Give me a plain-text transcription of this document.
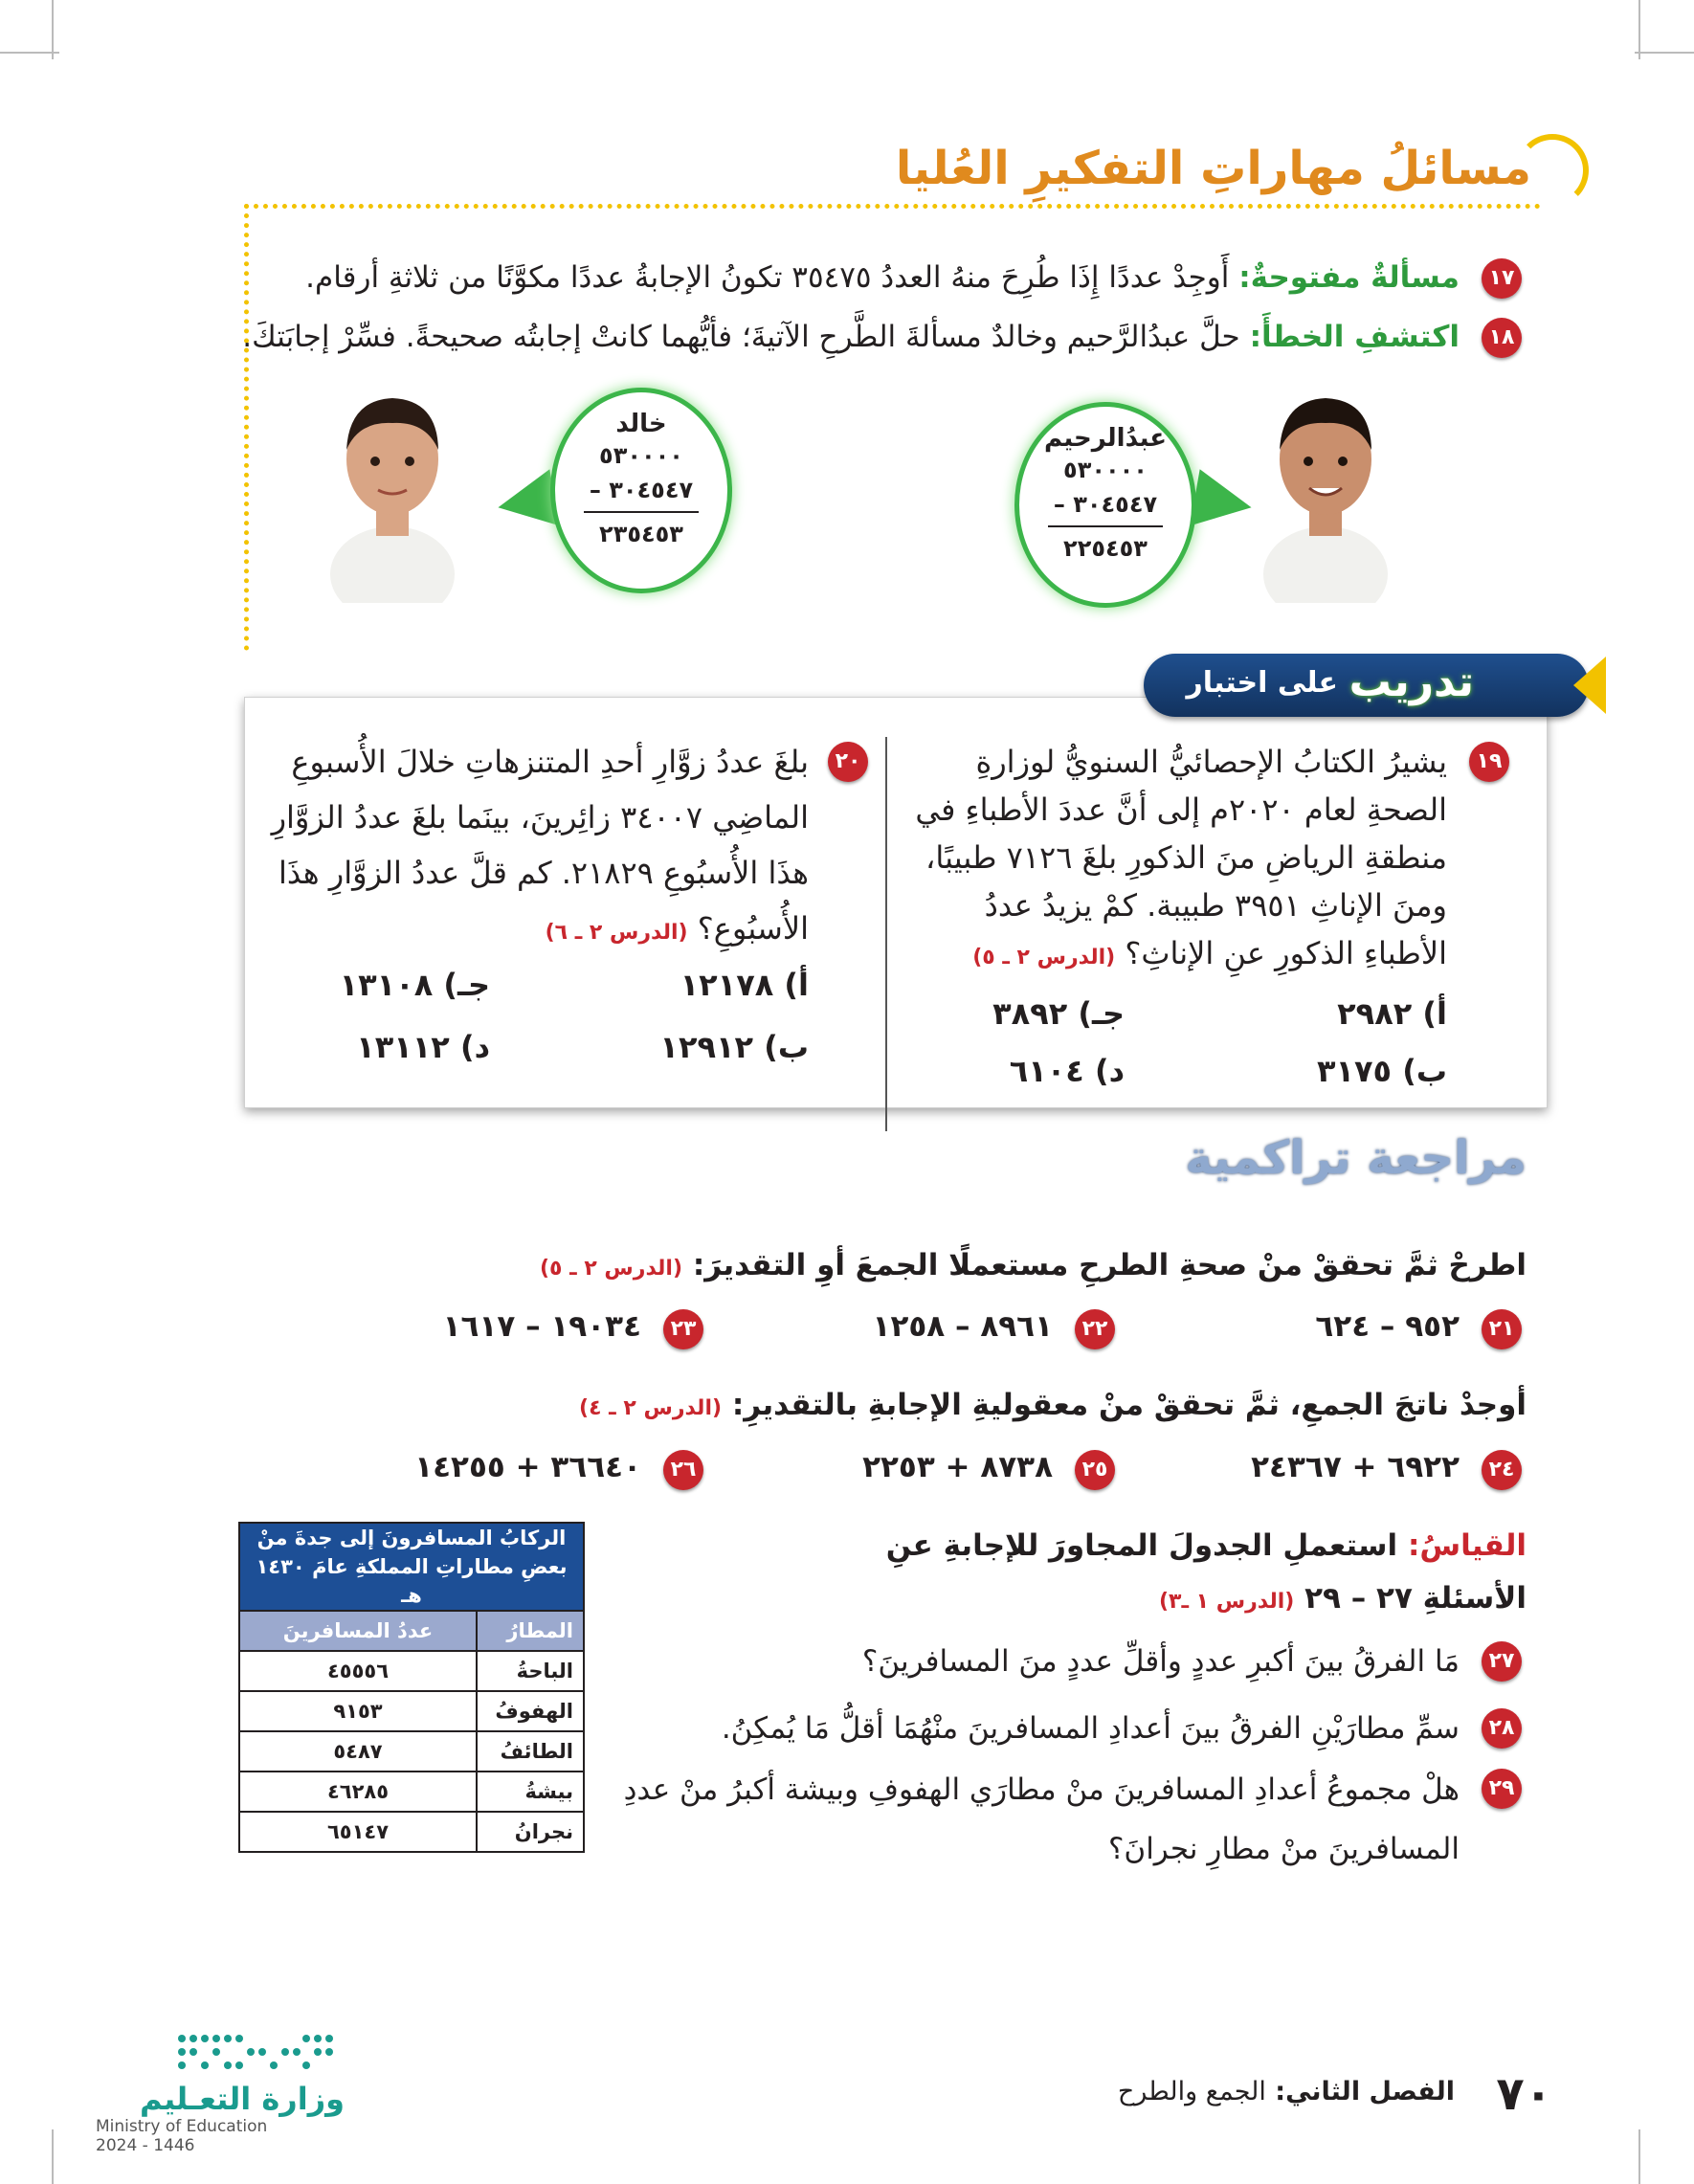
مسائلُ مهاراتِ التفكيرِ العُليا
١٧
مسألةٌ مفتوحةٌ: أَوجِدْ عددًا إِذَا طُرِحَ منهُ العددُ ٣٥٤٧٥ تكونُ الإجابةُ عددًا مكوَّنًا من ثلاثةِ أرقام.
١٨
اكتشفِ الخطأَ: حلَّ عبدُالرَّحيم وخالدٌ مسألةَ الطَّرحِ الآتيةَ؛ فأيُّهما كانتْ إجابتُه صحيحةً. فسِّرْ إجابَتكَ.
خالد
٥٣٠٠٠٠
٣٠٤٥٤٧ –
٢٣٥٤٥٣
عبدُالرحيم
٥٣٠٠٠٠
٣٠٤٥٤٧ –
٢٢٥٤٥٣
تدريب
على اختبار
١٩
يشيرُ الكتابُ الإحصائيُّ السنويُّ لوزارةِ
الصحةِ لعام ٢٠٢٠م إلى أنَّ عددَ الأطباءِ في
منطقةِ الرياضِ منَ الذكورِ بلغَ ٧١٢٦ طبيبًا،
ومنَ الإناثِ ٣٩٥١ طبيبة. كمْ يزيدُ عددُ
الأطباءِ الذكورِ عنِ الإناثِ؟ (الدرس ٢ ـ ٥)
أ) ٢٩٨٢
جـ) ٣٨٩٢
ب) ٣١٧٥
د) ٦١٠٤
٢٠
بلغَ عددُ زوَّارِ أحدِ المتنزهاتِ خلالَ الأُسبوعِ
الماضِي ٣٤٠٠٧ زائِرينَ، بينَما بلغَ عددُ الزوَّارِ
هذَا الأُسبُوعِ ٢١٨٢٩. كم قلَّ عددُ الزوَّارِ هذَا
الأُسبُوعِ؟ (الدرس ٢ ـ ٦)
أ) ١٢١٧٨
جـ) ١٣١٠٨
ب) ١٢٩١٢
د) ١٣١١٢
مراجعة تراكمية
اطرحْ ثمَّ تحققْ منْ صحةِ الطرحِ مستعملًا الجمعَ أوِ التقديرَ: (الدرس ٢ ـ ٥)
٢١
٩٥٢ – ٦٢٤
٢٢
٨٩٦١ – ١٢٥٨
٢٣
١٩٠٣٤ – ١٦١٧
أوجدْ ناتجَ الجمعِ، ثمَّ تحققْ منْ معقوليةِ الإجابةِ بالتقديرِ: (الدرس ٢ ـ ٤)
٢٤
٦٩٢٢ + ٢٤٣٦٧
٢٥
٨٧٣٨ + ٢٢٥٣
٢٦
٣٦٦٤٠ + ١٤٢٥٥
القياسُ: استعملِ الجدولَ المجاورَ للإجابةِ عنِ
الأسئلةِ ٢٧ – ٢٩ (الدرس ١ ـ٣)
٢٧
مَا الفرقُ بينَ أكبرِ عددٍ وأقلِّ عددٍ منَ المسافرينَ؟
٢٨
سمِّ مطارَيْنِ الفرقُ بينَ أعدادِ المسافرينَ منْهُمَا أقلُّ مَا يُمكِنُ.
٢٩
هلْ مجموعُ أعدادِ المسافرينَ منْ مطارَي الهفوفِ وبيشة أكبرُ منْ عددِ
المسافرينَ منْ مطارِ نجرانَ؟
الركابُ المسافرونَ إلى جدةَ منْ
بعضِ مطاراتِ المملكةِ عامَ ١٤٣٠ هـ	

المطارُ	عددُ المسافرينَ
الباحةُ	٤٥٥٥٦
الهفوفُ	٩١٥٣
الطائفُ	٥٤٨٧
بيشةُ	٤٦٢٨٥
نجرانُ	٦٥١٤٧
وزارة التعـليم
Ministry of Education
2024 - 1446
٧٠
الفصل الثاني: الجمع والطرح
